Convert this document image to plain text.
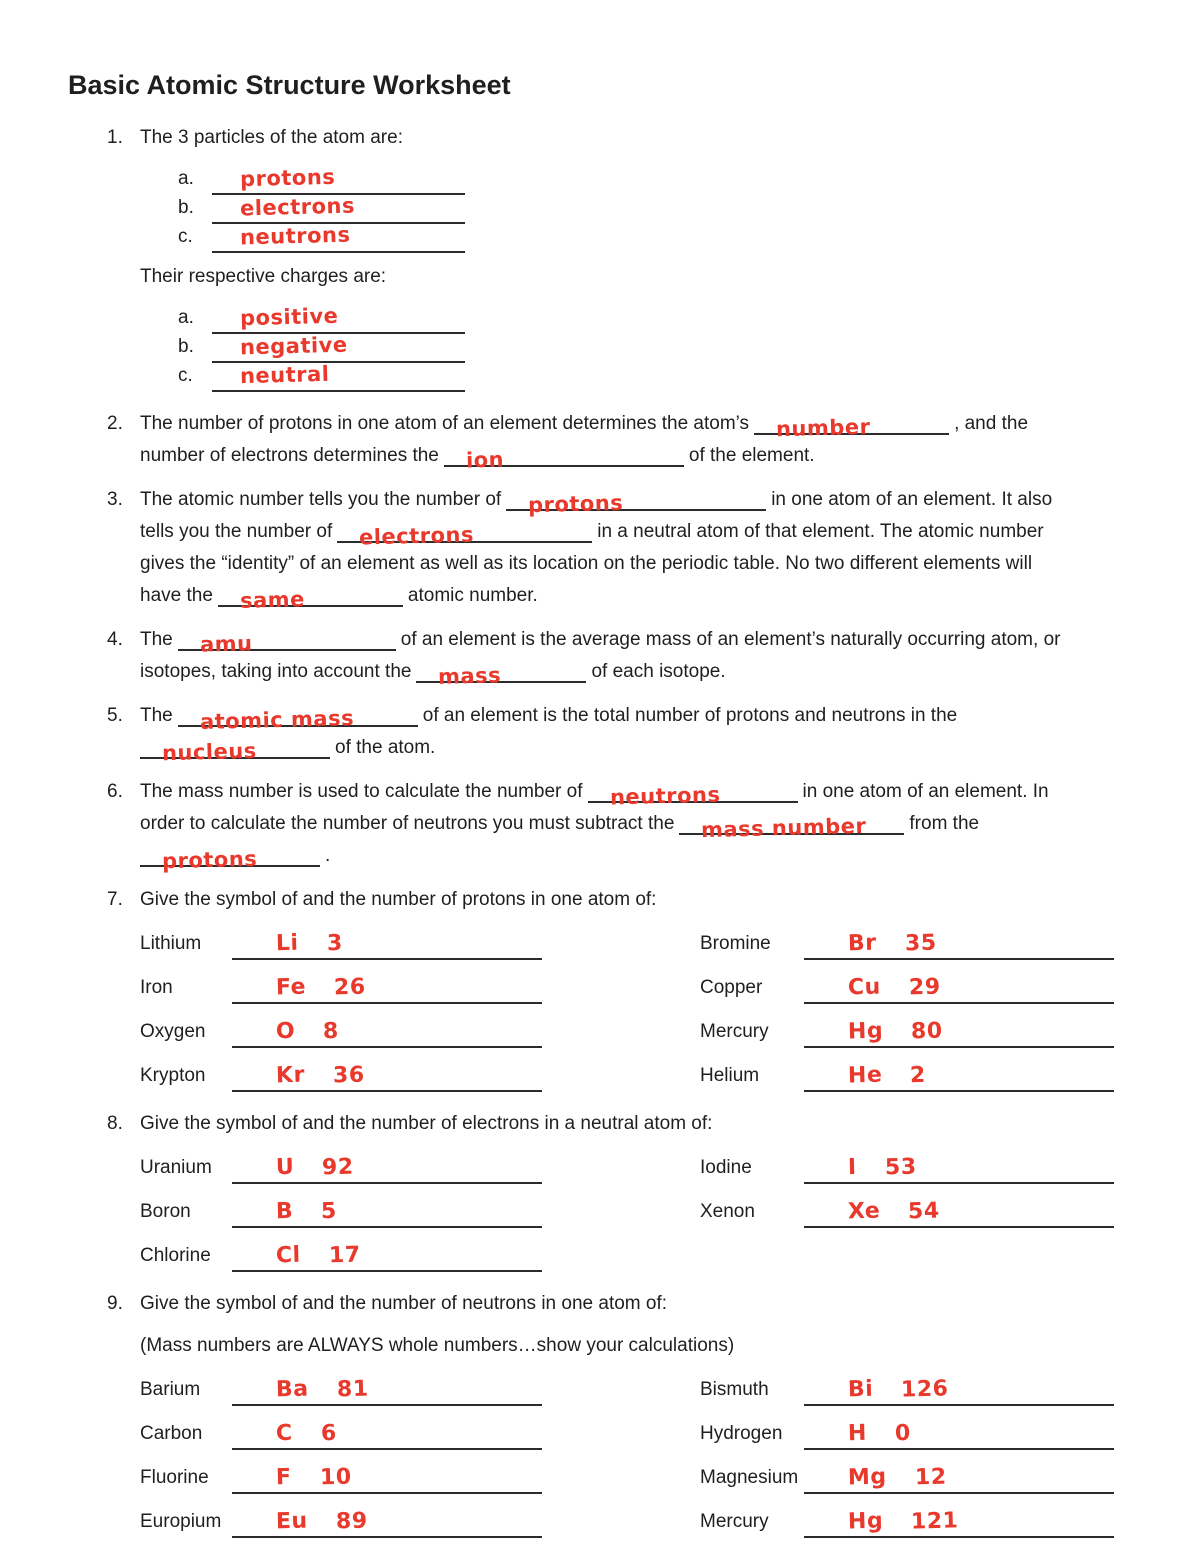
Basic Atomic Structure Worksheet
1. The 3 particles of the atom are:
a.	protons
b.	electrons
c.	neutrons
Their respective charges are:
a.	positive
b.	negative
c.	neutral
2. The number of protons in one atom of an element determines the atom’s number	, and the
number of electrons determines the ion	of the element.
3. The atomic number tells you the number of protons	in one atom of an element. It also
tells you the number of electrons	in a neutral atom of that element. The atomic number
gives the “identity” of an element as well as its location on the periodic table. No two different elements will
have the same	atomic number.
4. The amu	of an element is the average mass of an element’s naturally occurring atom, or
isotopes, taking into account the mass	of each isotope.
5. The atomic mass	of an element is the total number of protons and neutrons in the
nucleus	of the atom.
6. The mass number is used to calculate the number of neutrons	in one atom of an element. In
order to calculate the number of neutrons you must subtract the mass number from the
protons	.
7. Give the symbol of and the number of protons in one atom of:
Lithium	Li 3	Bromine	Br 35
Iron	Fe 26	Copper	Cu 29
Oxygen	O 8	Mercury	Hg 80
Krypton	Kr 36	Helium	He 2
8. Give the symbol of and the number of electrons in a neutral atom of:
Uranium	U 92	Iodine	I 53
Boron	B 5	Xenon	Xe 54
Chlorine	Cl 17
9. Give the symbol of and the number of neutrons in one atom of:
(Mass numbers are ALWAYS whole numbers…show your calculations)
Barium	Ba 81	Bismuth	Bi 126
Carbon	C 6	Hydrogen	H 0
Fluorine	F 10	Magnesium Mg 12
Europium	Eu 89	Mercury	Hg 121
